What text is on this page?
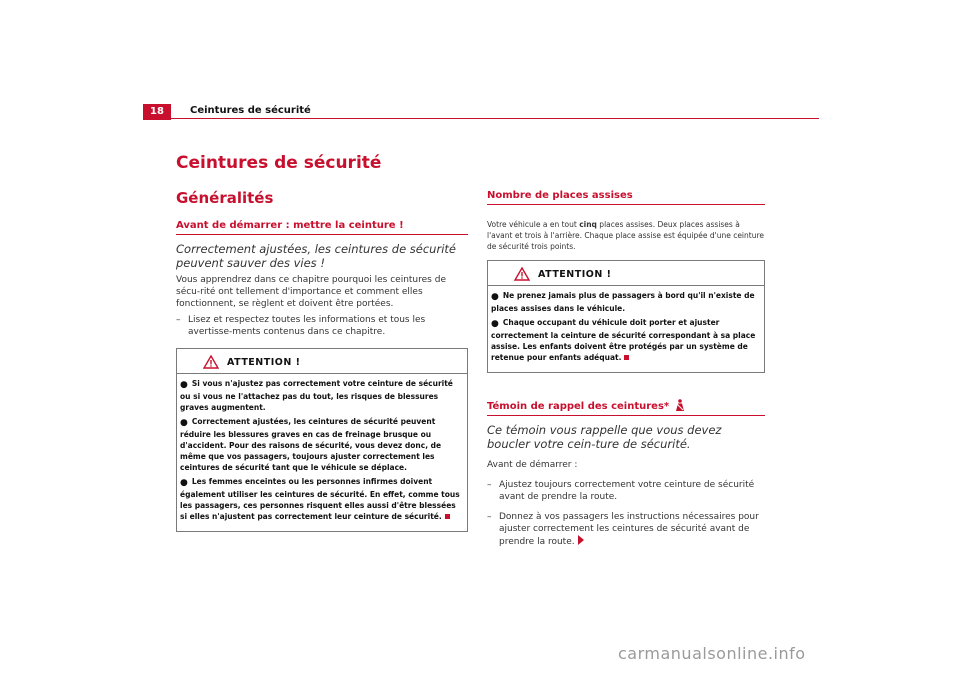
18	Ceintures de sécurité
Ceintures de sécurité
Généralités
Avant de démarrer : mettre la ceinture !
Correctement ajustées, les ceintures de sécurité peuvent sauver des vies !

Vous apprendrez dans ce chapitre pourquoi les ceintures de sécu-rité ont tellement d'importance et comment elles fonctionnent, se règlent et doivent être portées.

– Lisez et respectez toutes les informations et tous les avertisse-ments contenus dans ce chapitre.
ATTENTION !
● Si vous n'ajustez pas correctement votre ceinture de sécurité ou si vous ne l'attachez pas du tout, les risques de blessures graves augmentent.
● Correctement ajustées, les ceintures de sécurité peuvent réduire les blessures graves en cas de freinage brusque ou d'accident. Pour des raisons de sécurité, vous devez donc, de même que vos passagers, toujours ajuster correctement les ceintures de sécurité tant que le véhicule se déplace.
● Les femmes enceintes ou les personnes infirmes doivent également utiliser les ceintures de sécurité. En effet, comme tous les passagers, ces personnes risquent elles aussi d'être blessées si elles n'ajustent pas correctement leur ceinture de sécurité.
Nombre de places assises

Votre véhicule a en tout cinq places assises. Deux places assises à l'avant et trois à l'arrière. Chaque place assise est équipée d'une ceinture de sécurité trois points.

ATTENTION !
● Ne prenez jamais plus de passagers à bord qu'il n'existe de places assises dans le véhicule.
● Chaque occupant du véhicule doit porter et ajuster correctement la ceinture de sécurité correspondant à sa place assise. Les enfants doivent être protégés par un système de retenue pour enfants adéquat.
Témoin de rappel des ceintures*
Ce témoin vous rappelle que vous devez boucler votre cein-ture de sécurité.

Avant de démarrer :

– Ajustez toujours correctement votre ceinture de sécurité avant de prendre la route.
– Donnez à vos passagers les instructions nécessaires pour ajuster correctement les ceintures de sécurité avant de prendre la route.
carmanualsonline.info
